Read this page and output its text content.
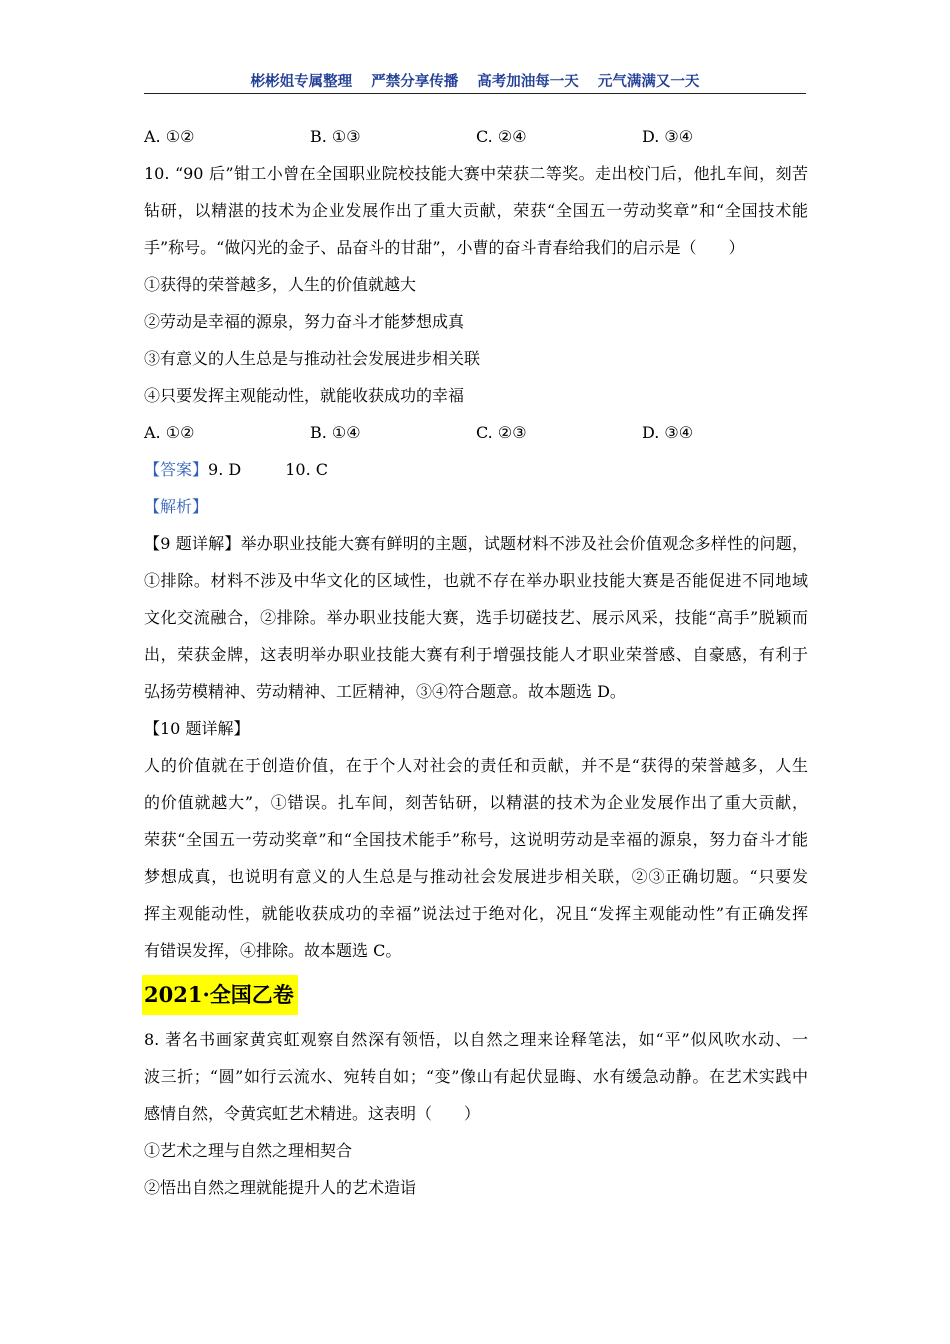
彬彬姐专属整理 严禁分享传播 高考加油每一天 元气满满又一天
A. ①②	B. ①③	C. ②④	D. ③④
10. “90 后”钳工小曾在全国职业院校技能大赛中荣获二等奖。走出校门后，他扎车间，刻苦
钻研，以精湛的技术为企业发展作出了重大贡献，荣获“全国五一劳动奖章”和“全国技术能
手”称号。“做闪光的金子、品奋斗的甘甜”，小曹的奋斗青春给我们的启示是（　　）
①获得的荣誉越多，人生的价值就越大
②劳动是幸福的源泉，努力奋斗才能梦想成真
③有意义的人生总是与推动社会发展进步相关联
④只要发挥主观能动性，就能收获成功的幸福
A. ①②	B. ①④	C. ②③	D. ③④
【答案】9. D	10. C
【解析】
【9 题详解】举办职业技能大赛有鲜明的主题，试题材料不涉及社会价值观念多样性的问题，
①排除。材料不涉及中华文化的区域性，也就不存在举办职业技能大赛是否能促进不同地域
文化交流融合，②排除。举办职业技能大赛，选手切磋技艺、展示风采，技能“高手”脱颖而
出，荣获金牌，这表明举办职业技能大赛有利于增强技能人才职业荣誉感、自豪感，有利于
弘扬劳模精神、劳动精神、工匠精神，③④符合题意。故本题选 D。
【10 题详解】
人的价值就在于创造价值，在于个人对社会的责任和贡献，并不是“获得的荣誉越多，人生
的价值就越大”，①错误。扎车间，刻苦钻研，以精湛的技术为企业发展作出了重大贡献，
荣获“全国五一劳动奖章”和“全国技术能手”称号，这说明劳动是幸福的源泉，努力奋斗才能
梦想成真，也说明有意义的人生总是与推动社会发展进步相关联，②③正确切题。“只要发
挥主观能动性，就能收获成功的幸福”说法过于绝对化，况且“发挥主观能动性”有正确发挥
有错误发挥，④排除。故本题选 C。
2021·全国乙卷
8. 著名书画家黄宾虹观察自然深有领悟，以自然之理来诠释笔法，如“平”似风吹水动、一
波三折；“圆”如行云流水、宛转自如；“变”像山有起伏显晦、水有缓急动静。在艺术实践中
感情自然，令黄宾虹艺术精进。这表明（　　）
①艺术之理与自然之理相契合
②悟出自然之理就能提升人的艺术造诣
